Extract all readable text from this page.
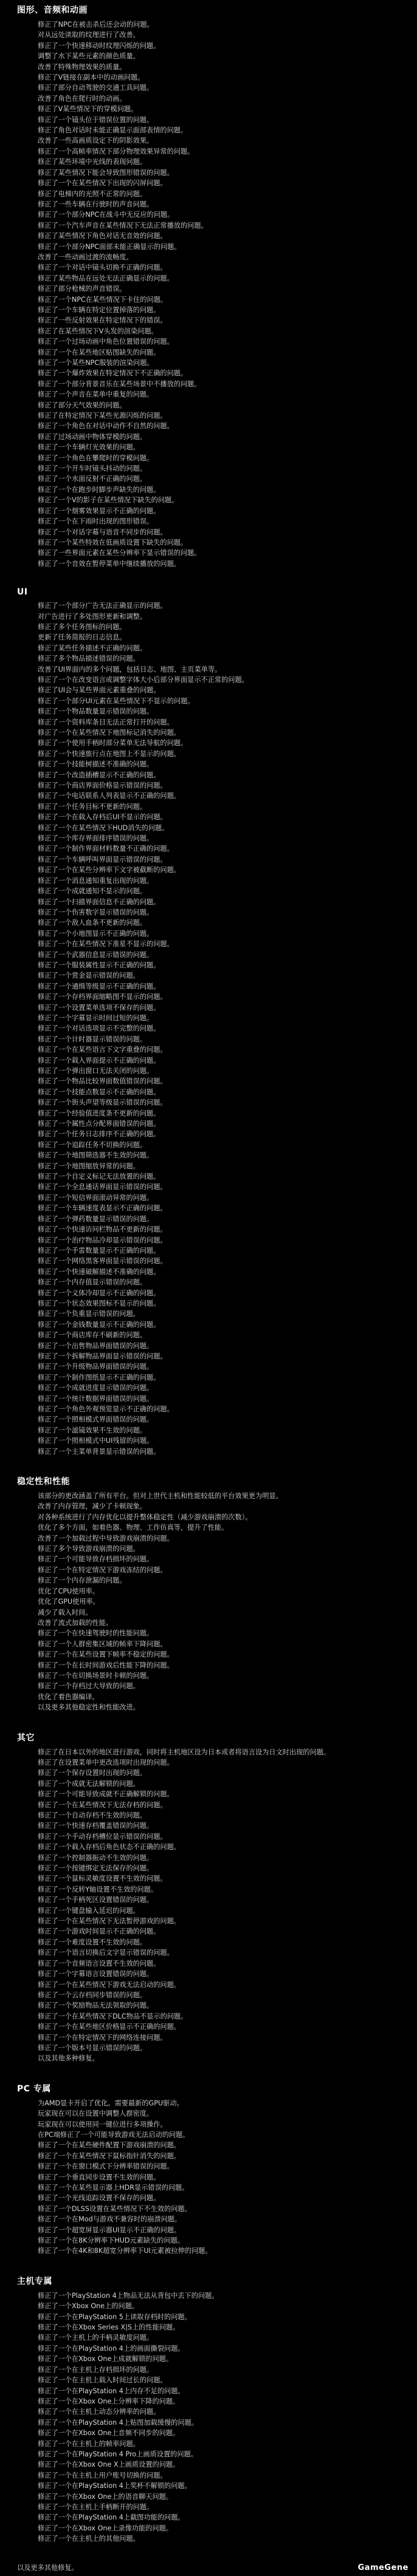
图形、音频和动画
修正了NPC在被击杀后还会动的问题。
对从远处读取的纹理进行了改善。
修正了一个快速移动时纹理闪烁的问题。
调整了水下某些元素的颜色质量。
改善了特殊物理效果的质量。
修正了V链接在副本中的动画问题。
修正了部分自动驾驶的交通工具问题。
改善了角色在爬行时的动画。
修正了V某些情况下的穿模问题。
修正了一个镜头位于错误位置的问题。
修正了角色对话时未能正确显示面部表情的问题。
改善了一些高画质设定下的阴影效果。
修正了一个高帧率情况下部分物理效果异常的问题。
修正了某些环境中光线的表现问题。
修正了某些情况下能会导致图形错误的问题。
修正了一个在某些情况下出现的闪屏问题。
修正了电梯内的光照不正常的问题。
修正了一些车辆在行驶时的声音问题。
修正了一个部分NPC在战斗中无反应的问题。
修正了一个汽车声音在某些情况下无法正常播放的问题。
修正了某些情况下角色对话无音效的问题。
修正了一个部分NPC面部未能正确显示的问题。
改善了一些动画过渡的流畅度。
修正了一个对话中镜头切换不正确的问题。
修正了某些物品在远处无法正确显示的问题。
修正了部分枪械的声音错误。
修正了一个NPC在某些情况下卡住的问题。
修正了一个车辆在特定位置掉落的问题。
修正了一些反射效果在特定情况下的错误。
修正了在某些情况下V头发的渲染问题。
修正了一个过场动画中角色位置错误的问题。
修正了一个在某些地区贴图缺失的问题。
修正了一个某些NPC服装的渲染问题。
修正了一个爆炸效果在特定情况下不正确的问题。
修正了一个部分背景音乐在某些场景中不播放的问题。
修正了一个声音在菜单中重复的问题。
修正了部分天气效果的问题。
修正了在特定情况下某些光源闪烁的问题。
修正了一个角色在对话中动作不自然的问题。
修正了过场动画中物体穿模的问题。
修正了一个车辆灯光效果的问题。
修正了一个角色在攀爬时的穿模问题。
修正了一个开车时镜头抖动的问题。
修正了一个水面反射不正确的问题。
修正了一个在跑步时脚步声缺失的问题。
修正了一个V的影子在某些情况下缺失的问题。
修正了一个烟雾效果显示不正确的问题。
修正了一个在下雨时出现的图形错误。
修正了一个对话字幕与语音不同步的问题。
修正了一个某些特效在低画质设置下缺失的问题。
修正了一些界面元素在某些分辨率下显示错误的问题。
修正了一个音效在暂停菜单中继续播放的问题。
UI
修正了一个部分广告无法正确显示的问题。
对广告进行了多处图形更新和调整。
修正了多个任务图标的问题。
更新了任务简报的日志信息。
修正了某些任务描述不正确的问题。
修正了多个物品描述错误的问题。
改善了UI界面内的多个问题，包括日志、地图、主页菜单等。
修正了一个在改变语言或调整字体大小后部分界面显示不正常的问题。
修正了UI会与某些界面元素重叠的问题。
修正了一个部分UI元素在某些情况下不显示的问题。
修正了一个物品数量显示错误的问题。
修正了一个资料库条目无法正常打开的问题。
修正了一个在某些情况下地图标记消失的问题。
修正了一个使用手柄时部分菜单无法导航的问题。
修正了一个快速旅行点在地图上不显示的问题。
修正了一个技能树描述不准确的问题。
修正了一个改造插槽显示不正确的问题。
修正了一个商店界面价格显示错误的问题。
修正了一个电话联系人列表显示不正确的问题。
修正了一个任务目标不更新的问题。
修正了一个在载入存档后UI不显示的问题。
修正了一个在某些情况下HUD消失的问题。
修正了一个库存界面排序错误的问题。
修正了一个制作界面材料数量不正确的问题。
修正了一个车辆呼叫界面显示错误的问题。
修正了一个在某些分辨率下文字被截断的问题。
修正了一个消息通知重复出现的问题。
修正了一个成就通知不显示的问题。
修正了一个扫描界面信息不正确的问题。
修正了一个伤害数字显示错误的问题。
修正了一个敌人血条不更新的问题。
修正了一个小地图显示不正确的问题。
修正了一个在某些情况下准星不显示的问题。
修正了一个武器信息显示错误的问题。
修正了一个服装属性显示不正确的问题。
修正了一个赏金显示错误的问题。
修正了一个通缉等级显示不正确的问题。
修正了一个存档界面缩略图不显示的问题。
修正了一个设置菜单选项不保存的问题。
修正了一个字幕显示时间过短的问题。
修正了一个对话选项显示不完整的问题。
修正了一个计时器显示错误的问题。
修正了一个在某些语言下文字重叠的问题。
修正了一个载入界面提示不正确的问题。
修正了一个弹出窗口无法关闭的问题。
修正了一个物品比较界面数值错误的问题。
修正了一个技能点数显示不正确的问题。
修正了一个街头声望等级显示错误的问题。
修正了一个经验值进度条不更新的问题。
修正了一个属性点分配界面错误的问题。
修正了一个任务日志排序不正确的问题。
修正了一个追踪任务不切换的问题。
修正了一个地图筛选器不生效的问题。
修正了一个地图缩放异常的问题。
修正了一个自定义标记无法放置的问题。
修正了一个全息通话界面显示错误的问题。
修正了一个短信界面滚动异常的问题。
修正了一个车辆速度表显示不正确的问题。
修正了一个弹药数量显示错误的问题。
修正了一个快速访问栏物品不更新的问题。
修正了一个治疗物品冷却显示错误的问题。
修正了一个手雷数量显示不正确的问题。
修正了一个网络黑客界面显示错误的问题。
修正了一个快速破解描述不准确的问题。
修正了一个内存值显示错误的问题。
修正了一个义体冷却显示不正确的问题。
修正了一个状态效果图标不显示的问题。
修正了一个负重显示错误的问题。
修正了一个金钱数量显示不正确的问题。
修正了一个商店库存不刷新的问题。
修正了一个出售物品界面错误的问题。
修正了一个拆解物品界面显示错误的问题。
修正了一个升级物品界面错误的问题。
修正了一个制作图纸显示不正确的问题。
修正了一个成就进度显示错误的问题。
修正了一个统计数据界面错误的问题。
修正了一个角色外观预览显示不正确的问题。
修正了一个照相模式界面错误的问题。
修正了一个滤镜效果不生效的问题。
修正了一个照相模式中UI残留的问题。
修正了一个主菜单背景显示错误的问题。
稳定性和性能
该部分的更改涵盖了所有平台。但对上世代主机和性能较低的平台效果更为明显。
改善了内存管理，减少了卡顿现象。
对各种系统进行了内存优化以提升整体稳定性（减少游戏崩溃的次数）。
优化了多个方面，如着色器、物理、工作仿真等，提升了性能。
改善了一个加载过程中导致游戏崩溃的问题。
修正了多个导致游戏崩溃的问题。
修正了一个可能导致存档损坏的问题。
修正了一个在特定情况下游戏冻结的问题。
修正了一个内存泄漏的问题。
优化了CPU使用率。
优化了GPU使用率。
减少了载入时间。
改善了流式加载的性能。
修正了一个在快速驾驶时的性能问题。
修正了一个人群密集区域的帧率下降问题。
修正了一个在某些设置下帧率不稳定的问题。
修正了一个在长时间游戏后性能下降的问题。
修正了一个在切换场景时卡顿的问题。
修正了一个存档过大导致的问题。
优化了着色器编译。
以及更多其他稳定性和性能改进。
其它
修正了在日本以外的地区进行游戏，同时将主机地区设为日本或者将语言设为日文时出现的问题。
修正了在设置菜单中更改选项时出现的问题。
修正了一个保存设置时出现的问题。
修正了一个成就无法解锁的问题。
修正了一个可能导致成就不正确解锁的问题。
修正了一个在某些情况下无法存档的问题。
修正了一个自动存档不生效的问题。
修正了一个快速存档覆盖错误的问题。
修正了一个手动存档槽位显示错误的问题。
修正了一个载入存档后角色状态不正确的问题。
修正了一个控制器振动不生效的问题。
修正了一个按键绑定无法保存的问题。
修正了一个鼠标灵敏度设置不生效的问题。
修正了一个反转Y轴设置不生效的问题。
修正了一个手柄死区设置错误的问题。
修正了一个键盘输入延迟的问题。
修正了一个在某些情况下无法暂停游戏的问题。
修正了一个游戏时间显示不正确的问题。
修正了一个难度设置不生效的问题。
修正了一个语言切换后文字显示错误的问题。
修正了一个音频语言设置不生效的问题。
修正了一个字幕语言设置错误的问题。
修正了一个在某些情况下游戏无法启动的问题。
修正了一个云存档同步错误的问题。
修正了一个奖励物品无法领取的问题。
修正了一个在某些情况下DLC物品不显示的问题。
修正了一个在某些地区价格显示不正确的问题。
修正了一个在特定情况下的网络连接问题。
修正了一个版本号显示错误的问题。
以及其他多种修复。
PC 专属
为AMD显卡开启了优化。需要最新的GPU驱动。
玩家现在可以在设置中调整人群密度。
玩家现在可以使用同一键位进行多项操作。
在PC端修正了一个可能导致游戏无法启动的问题。
修正了一个在某些硬件配置下游戏崩溃的问题。
修正了一个在某些情况下鼠标指针消失的问题。
修正了一个在窗口模式下分辨率错误的问题。
修正了一个垂直同步设置不生效的问题。
修正了一个在某些显示器上HDR显示错误的问题。
修正了一个光线追踪设置不保存的问题。
修正了一个DLSS设置在某些情况下不生效的问题。
修正了一个在Mod与游戏不兼容时的崩溃问题。
修正了一个超宽屏显示器UI显示不正确的问题。
修正了一个在8K分辨率下HUD元素缺失的问题。
修正了一个在4K和8K超宽分辨率下UI元素被拉伸的问题。
主机专属
修正了一个PlayStation 4上物品无法从背包中丢下的问题。
修正了一个Xbox One上的问题。
修正了一个在PlayStation 5上读取存档时的问题。
修正了一个在Xbox Series X|S上的性能问题。
修正了一个主机上的手柄灵敏度问题。
修正了一个在PlayStation 4上的画面撕裂问题。
修正了一个在Xbox One上成就解锁的问题。
修正了一个在主机上存档损坏的问题。
修正了一个在主机上载入时间过长的问题。
修正了一个在PlayStation 4上内存不足的问题。
修正了一个在Xbox One上分辨率下降的问题。
修正了一个在主机上动态分辨率的问题。
修正了一个在PlayStation 4上贴图加载缓慢的问题。
修正了一个在Xbox One上音频不同步的问题。
修正了一个在主机上的帧率问题。
修正了一个在PlayStation 4 Pro上画质设置的问题。
修正了一个在Xbox One X上画质设置的问题。
修正了一个在主机上用户账号切换的问题。
修正了一个在PlayStation 4上奖杯不解锁的问题。
修正了一个在Xbox One上的语音聊天问题。
修正了一个在主机上手柄断开的问题。
修正了一个在PlayStation 4上截图功能的问题。
修正了一个在Xbox One上录像功能的问题。
修正了一个在主机上的其他问题。
以及更多其他修复。	GameGene
